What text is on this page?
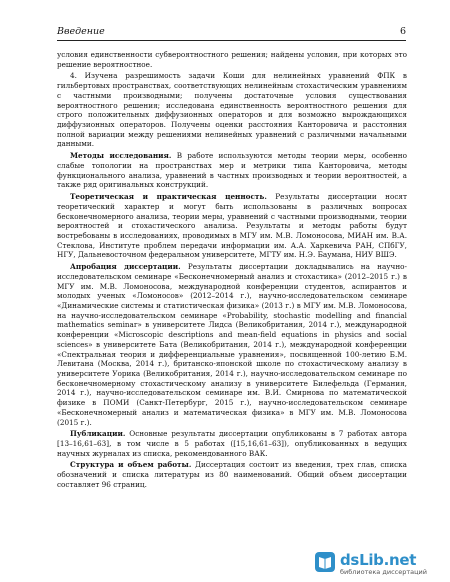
Введение	6

условия единственности субвероятностного решения; найдены условия, при которых это решение вероятностное.

4. Изучена разрешимость задачи Коши для нелинейных уравнений ФПК в гильбертовых пространствах, соответствующих нелинейным стохастическим уравнениям с частными производными; получены достаточные условия существования вероятностного решения; исследована единственность вероятностного решения для строго положительных диффузионных операторов и для возможно вырождающихся диффузионных операторов. Получены оценки расстояния Канторовича и расстояния полной вариации между решениями нелинейных уравнений с различными начальными данными.

Методы исследования. В работе используются методы теории меры, особенно слабые топологии на пространствах мер и метрики типа Канторовича, методы функционального анализа, уравнений в частных производных и теории вероятностей, а также ряд оригинальных конструкций.

Теоретическая и практическая ценность. Результаты диссертации носят теоретический характер и могут быть использованы в различных вопросах бесконечномерного анализа, теории меры, уравнений с частными производными, теории вероятностей и стохастического анализа. Результаты и методы работы будут востребованы в исследованиях, проводимых в МГУ им. М.В. Ломоносова, МИАН им. В.А. Стеклова, Институте проблем передачи информации им. А.А. Харкевича РАН, СПбГУ, НГУ, Дальневосточном федеральном университете, МГТУ им. Н.Э. Баумана, НИУ ВШЭ.

Апробация диссертации. Результаты диссертации докладывались на научно-исследовательском семинаре «Бесконечномерный анализ и стохастика» (2012–2015 г.) в МГУ им. М.В. Ломоносова, международной конференции студентов, аспирантов и молодых ученых «Ломоносов» (2012–2014 г.), научно-исследовательском семинаре «Динамические системы и статистическая физика» (2013 г.) в МГУ им. М.В. Ломоносова, на научно-исследовательском семинаре «Probability, stochastic modelling and financial mathematics seminar» в университете Лидса (Великобритания, 2014 г.), международной конференции «Microscopic descriptions and mean-field equations in physics and social sciences» в университете Бата (Великобритания, 2014 г.), международной конференции «Спектральная теория и дифференциальные уравнения», посвященной 100-летию Б.М. Левитана (Москва, 2014 г.), британско-японской школе по стохастическому анализу в университете Уорика (Великобритания, 2014 г.), научно-исследовательском семинаре по бесконечномерному стохастическому анализу в университете Билефельда (Германия, 2014 г.), научно-исследовательском семинаре им. В.И. Смирнова по математической физике в ПОМИ (Санкт-Петербург, 2015 г.), научно-исследовательском семинаре «Бесконечномерный анализ и математическая физика» в МГУ им. М.В. Ломоносова (2015 г.).

Публикации. Основные результаты диссертации опубликованы в 7 работах автора [13–16,61–63], в том числе в 5 работах ([15,16,61–63]), опубликованных в ведущих научных журналах из списка, рекомендованного ВАК.

Структура и объем работы. Диссертация состоит из введения, трех глав, списка обозначений и списка литературы из 80 наименований. Общий объем диссертации составляет 96 страниц.

dsLib.net
библиотека диссертаций
